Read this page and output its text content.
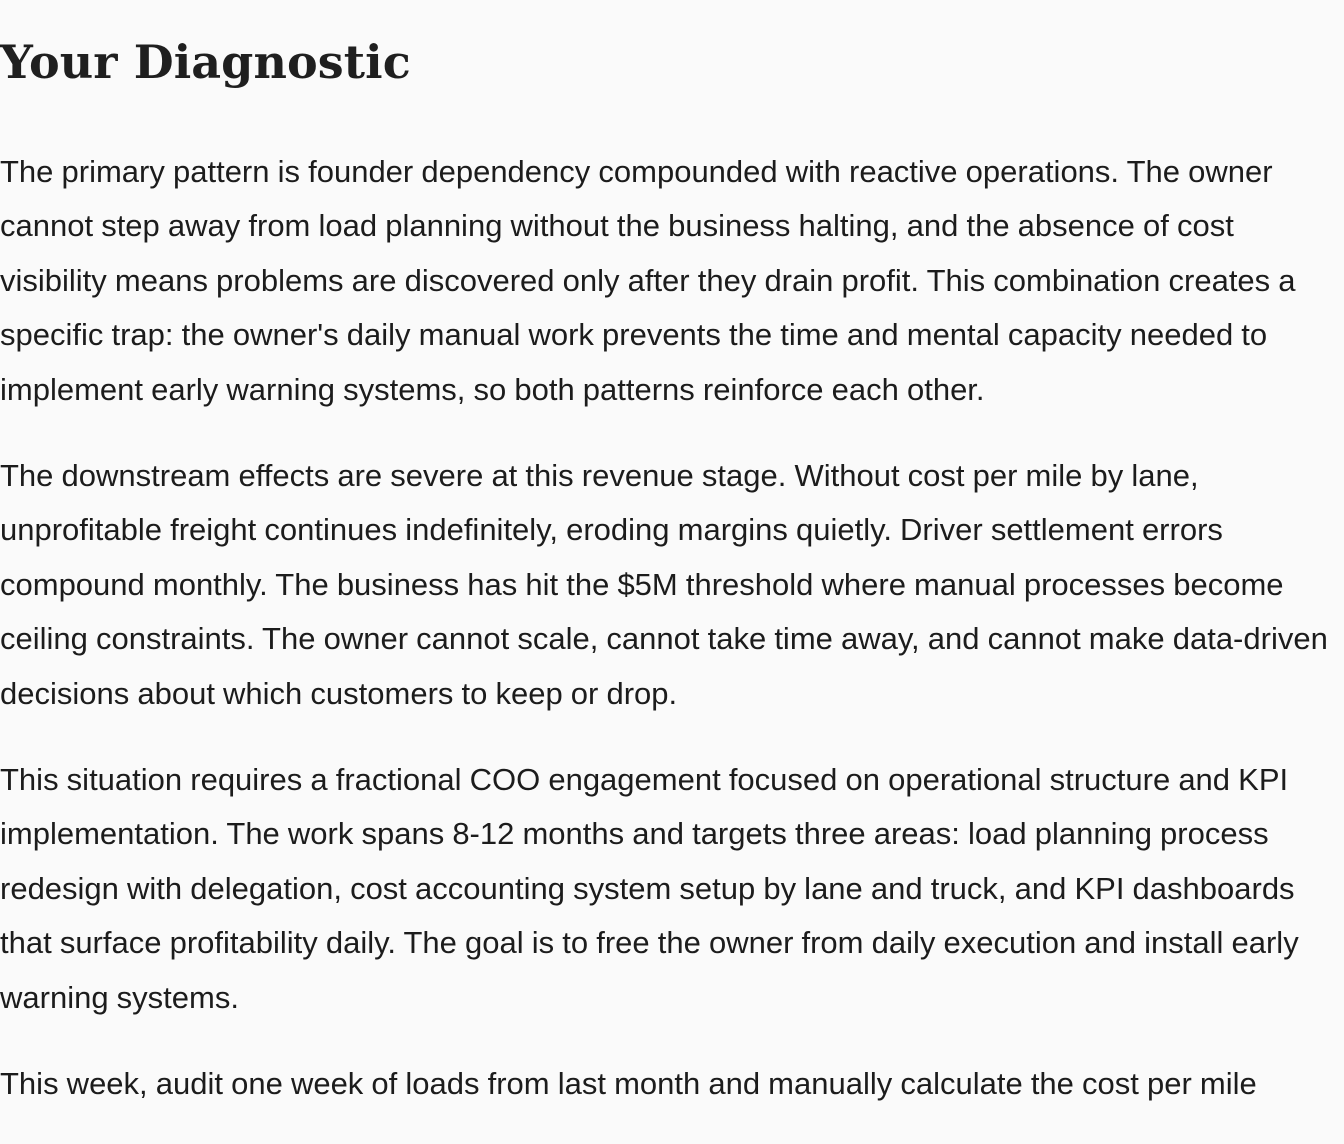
Your Diagnostic

The primary pattern is founder dependency compounded with reactive operations. The owner cannot step away from load planning without the business halting, and the absence of cost visibility means problems are discovered only after they drain profit. This combination creates a specific trap: the owner's daily manual work prevents the time and mental capacity needed to implement early warning systems, so both patterns reinforce each other.

The downstream effects are severe at this revenue stage. Without cost per mile by lane, unprofitable freight continues indefinitely, eroding margins quietly. Driver settlement errors compound monthly. The business has hit the $5M threshold where manual processes become ceiling constraints. The owner cannot scale, cannot take time away, and cannot make data-driven decisions about which customers to keep or drop.

This situation requires a fractional COO engagement focused on operational structure and KPI implementation. The work spans 8-12 months and targets three areas: load planning process redesign with delegation, cost accounting system setup by lane and truck, and KPI dashboards that surface profitability daily. The goal is to free the owner from daily execution and install early warning systems.

This week, audit one week of loads from last month and manually calculate the cost per mile
